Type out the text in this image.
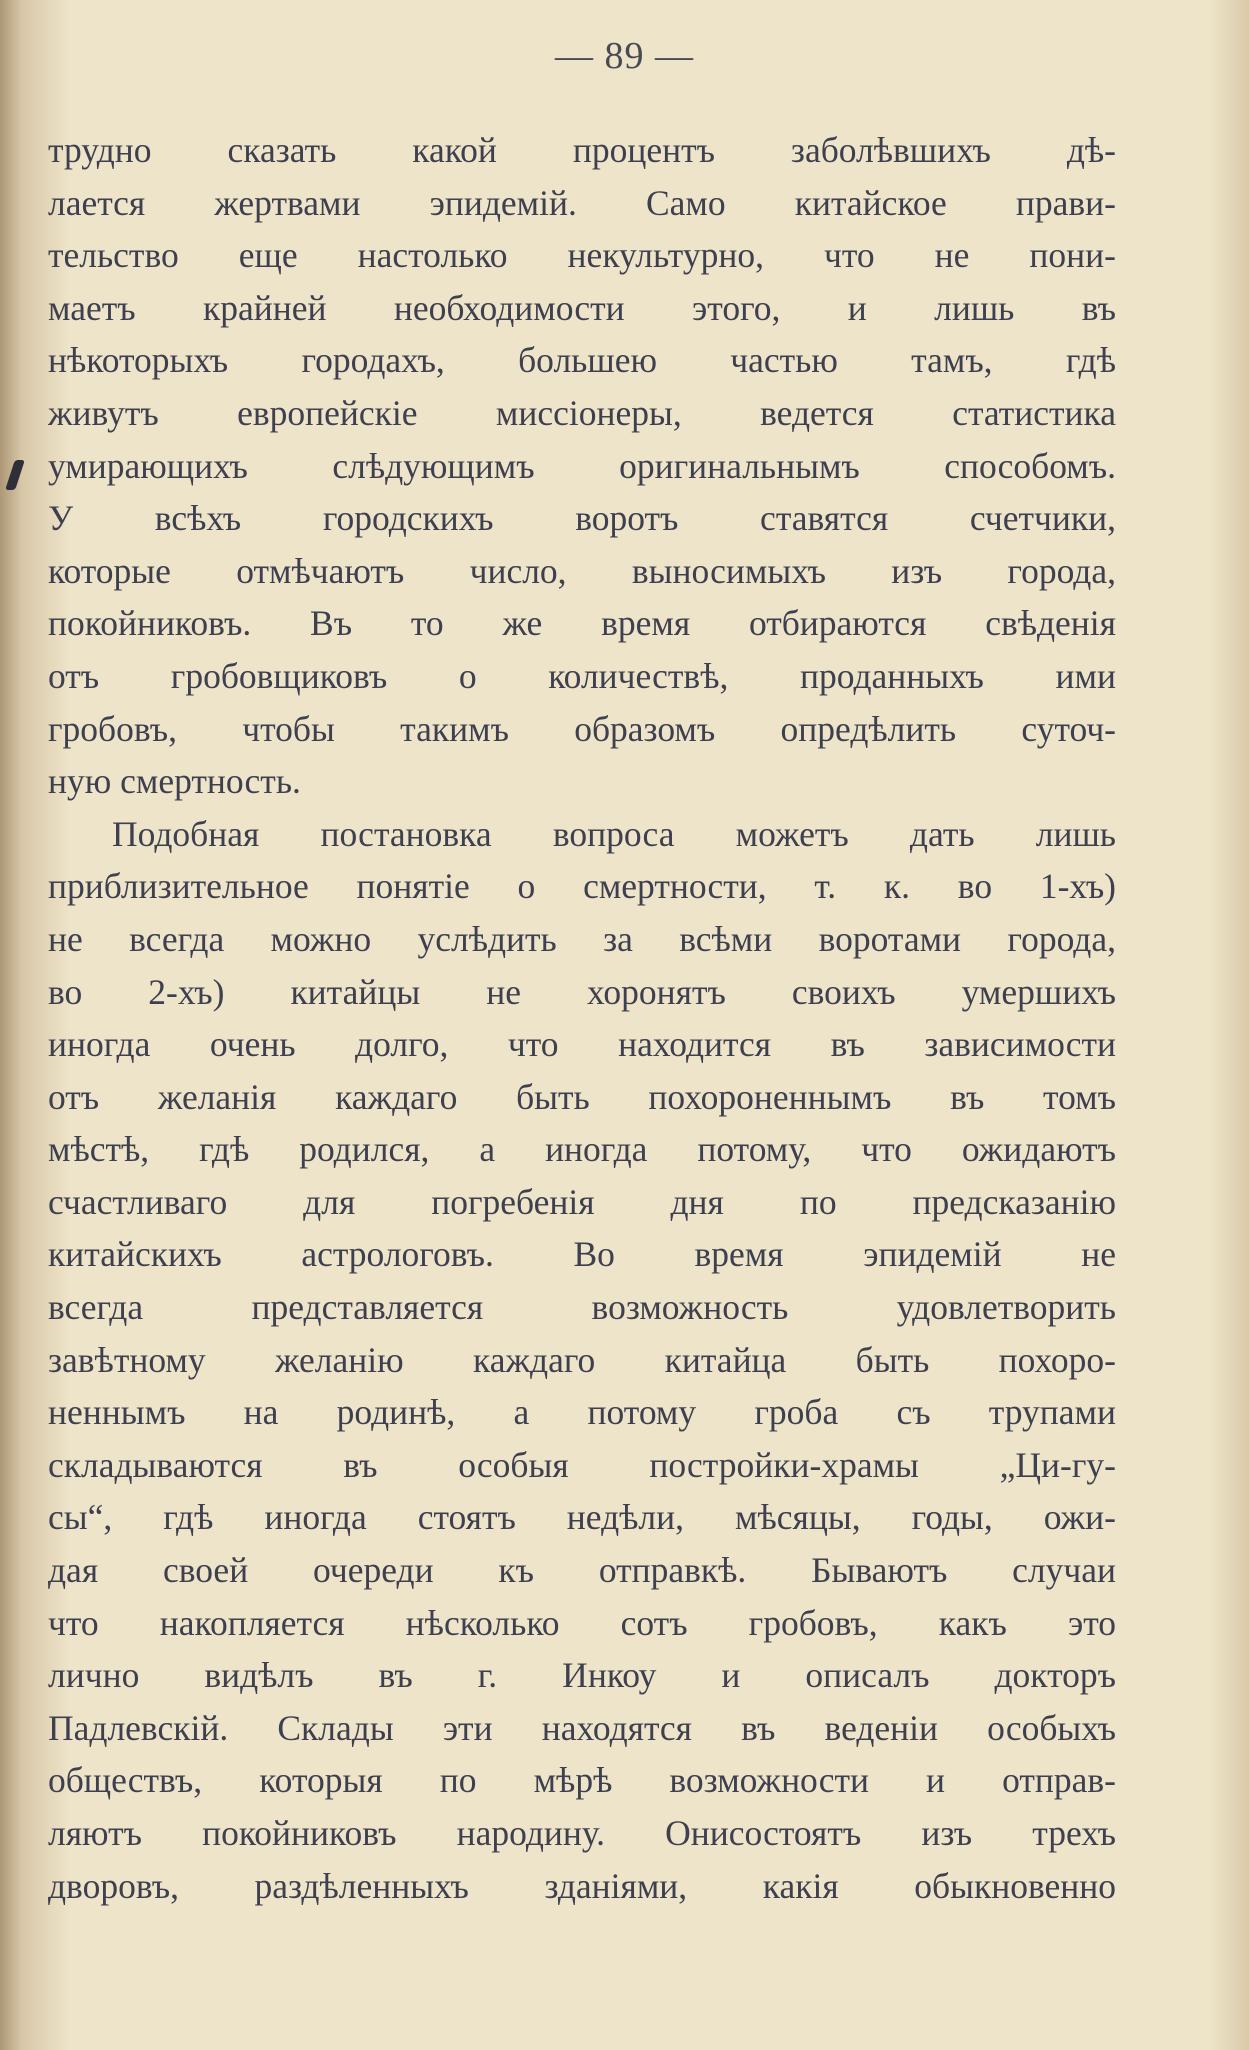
— 89 —
трудно сказать какой процентъ заболѣвшихъ дѣ-
лается жертвами эпидемій. Само китайское прави-
тельство еще настолько некультурно, что не пони-
маетъ крайней необходимости этого, и лишь въ
нѣкоторыхъ городахъ, большею частью тамъ, гдѣ
живутъ европейскіе миссіонеры, ведется статистика
умирающихъ слѣдующимъ оригинальнымъ способомъ.
У всѣхъ городскихъ воротъ ставятся счетчики,
которые отмѣчаютъ число, выносимыхъ изъ города,
покойниковъ. Въ то же время отбираются свѣденія
отъ гробовщиковъ о количествѣ, проданныхъ ими
гробовъ, чтобы такимъ образомъ опредѣлить суточ-
ную смертность.
Подобная постановка вопроса можетъ дать лишь
приблизительное понятіе о смертности, т. к. во 1-хъ)
не всегда можно услѣдить за всѣми воротами города,
во 2-хъ) китайцы не хоронятъ своихъ умершихъ
иногда очень долго, что находится въ зависимости
отъ желанія каждаго быть похороненнымъ въ томъ
мѣстѣ, гдѣ родился, а иногда потому, что ожидаютъ
счастливаго для погребенія дня по предсказанію
китайскихъ астрологовъ. Во время эпидемій не
всегда представляется возможность удовлетворить
завѣтному желанію каждаго китайца быть похоро-
неннымъ на родинѣ, а потому гроба съ трупами
складываются въ особыя постройки-храмы „Ци-гу-
сы“, гдѣ иногда стоятъ недѣли, мѣсяцы, годы, ожи-
дая своей очереди къ отправкѣ. Бываютъ случаи
что накопляется нѣсколько сотъ гробовъ, какъ это
лично видѣлъ въ г. Инкоу и описалъ докторъ
Падлевскій. Склады эти находятся въ веденіи особыхъ
обществъ, которыя по мѣрѣ возможности и отправ-
ляютъ покойниковъ народину. Онисостоятъ изъ трехъ
дворовъ, раздѣленныхъ зданіями, какія обыкновенно
